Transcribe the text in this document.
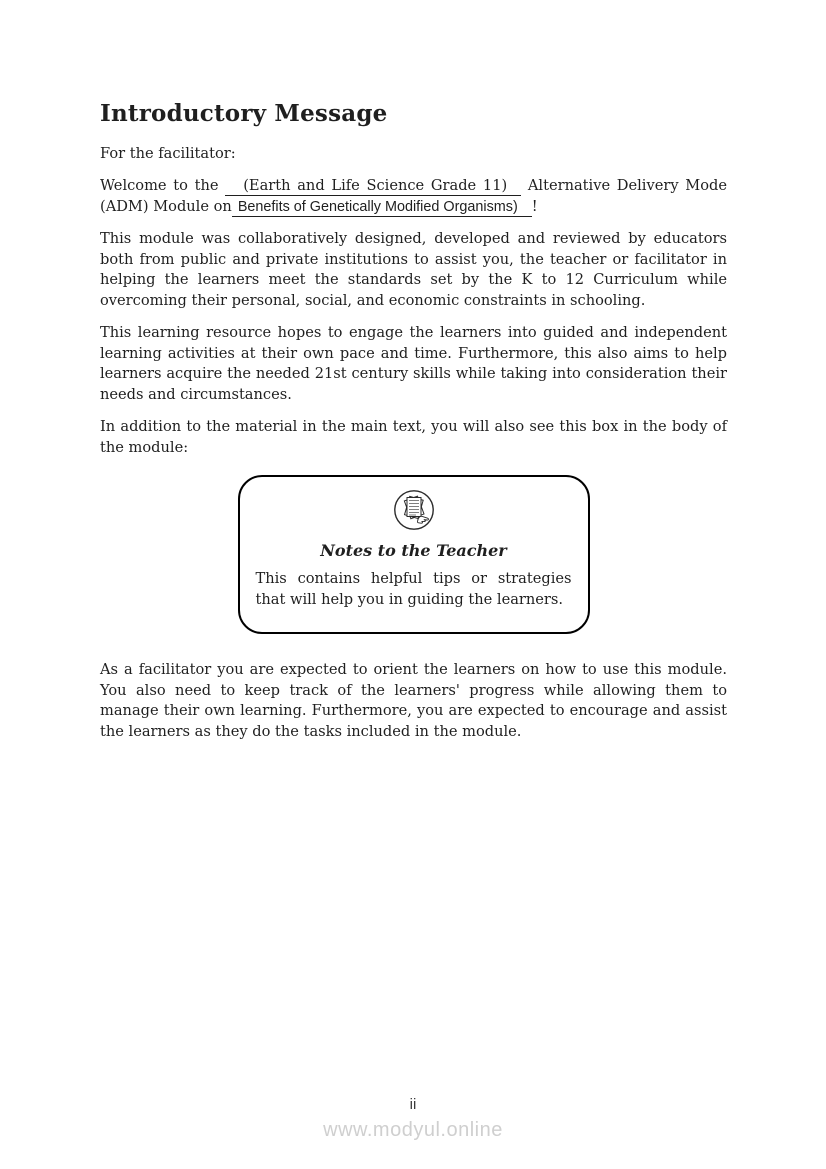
Introductory Message

For the facilitator:

Welcome to the (Earth and Life Science Grade 11) Alternative Delivery Mode (ADM) Module on Benefits of Genetically Modified Organisms) !

This module was collaboratively designed, developed and reviewed by educators both from public and private institutions to assist you, the teacher or facilitator in helping the learners meet the standards set by the K to 12 Curriculum while overcoming their personal, social, and economic constraints in schooling.

This learning resource hopes to engage the learners into guided and independent learning activities at their own pace and time. Furthermore, this also aims to help learners acquire the needed 21st century skills while taking into consideration their needs and circumstances.

In addition to the material in the main text, you will also see this box in the body of the module:

Notes to the Teacher

This contains helpful tips or strategies that will help you in guiding the learners.

As a facilitator you are expected to orient the learners on how to use this module. You also need to keep track of the learners' progress while allowing them to manage their own learning. Furthermore, you are expected to encourage and assist the learners as they do the tasks included in the module.

ii
www.modyul.online
